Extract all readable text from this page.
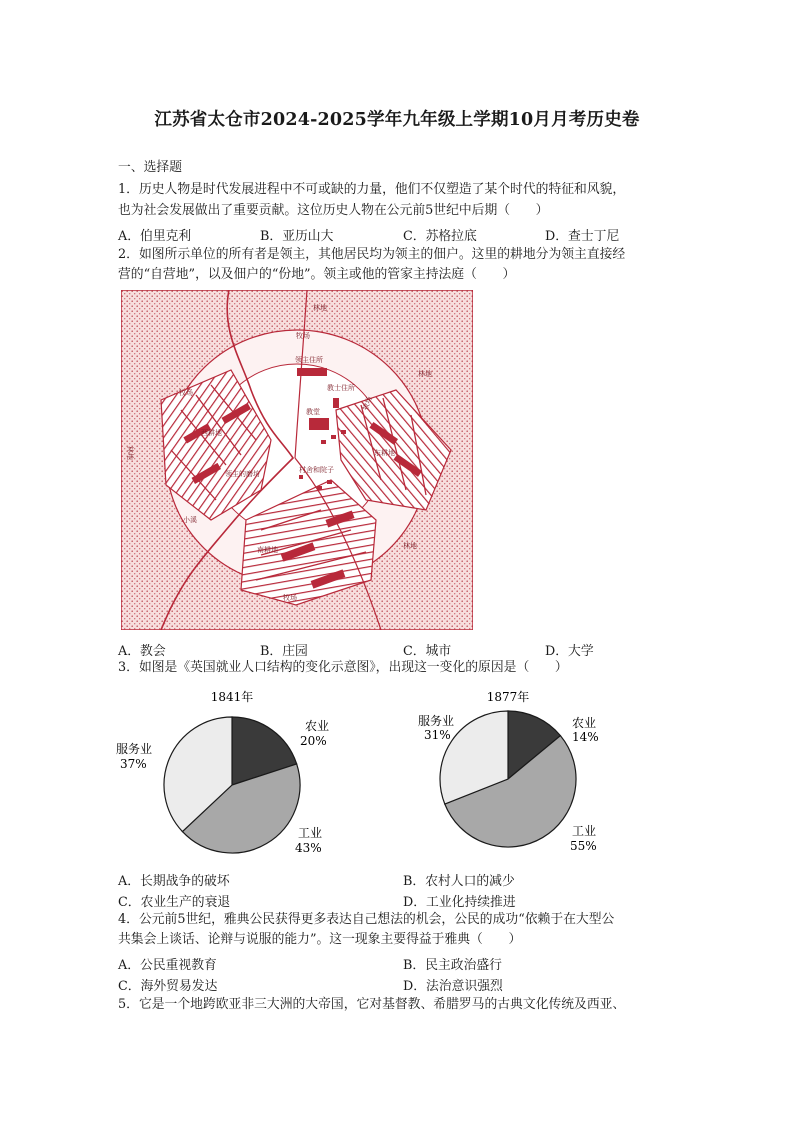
江苏省太仓市2024-2025学年九年级上学期10月月考历史卷
一、选择题
1．历史人物是时代发展进程中不可或缺的力量，他们不仅塑造了某个时代的特征和风貌，
也为社会发展做出了重要贡献。这位历史人物在公元前5世纪中后期（　　）
A．伯里克利	B．亚历山大	C．苏格拉底	D．查士丁尼
2．如图所示单位的所有者是领主，其他居民均为领主的佃户。这里的耕地分为领主直接经
营的“自营地”，以及佃户的“份地”。领主或他的管家主持法庭（　　）
林地
牧场
领主住所
教士住所
教堂
牧场
西耕地
林地
林地
牧场
东耕地
村舍和院子
领主的磨坊
小溪
南耕地	林地
牧场
A．教会	B．庄园	C．城市	D．大学
3．如图是《英国就业人口结构的变化示意图》，出现这一变化的原因是（　　）
1841年
农业
20%
服务业
37%
工业
43%
1877年
农业
14%
服务业
31%
工业
55%
A．长期战争的破坏	B．农村人口的减少
C．农业生产的衰退	D．工业化持续推进
4．公元前5世纪，雅典公民获得更多表达自己想法的机会，公民的成功“依赖于在大型公
共集会上谈话、论辩与说服的能力”。这一现象主要得益于雅典（　　）
A．公民重视教育	B．民主政治盛行
C．海外贸易发达	D．法治意识强烈
5．它是一个地跨欧亚非三大洲的大帝国，它对基督教、希腊罗马的古典文化传统及西亚、
